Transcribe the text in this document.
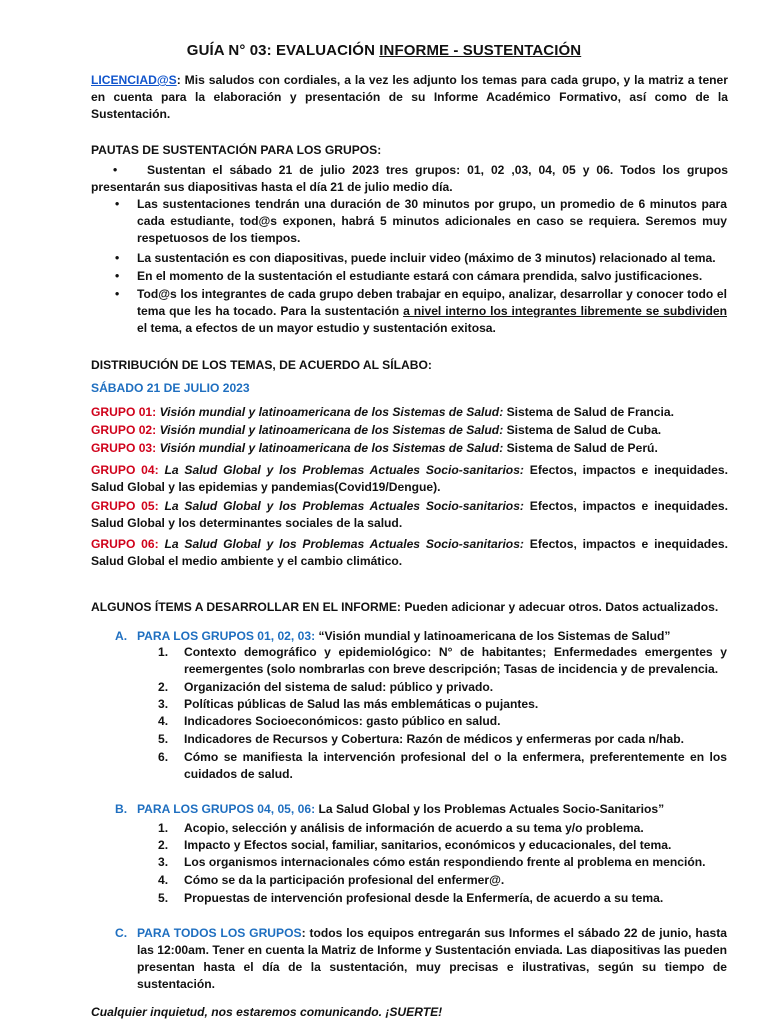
GUÍA N° 03: EVALUACIÓN INFORME - SUSTENTACIÓN
LICENCIAD@S: Mis saludos con cordiales, a la vez les adjunto los temas para cada grupo, y la matriz a tener en cuenta para la elaboración y presentación de su Informe Académico Formativo, así como de la Sustentación.
PAUTAS DE SUSTENTACIÓN PARA LOS GRUPOS:
• Sustentan el sábado 21 de julio 2023 tres grupos: 01, 02 ,03, 04, 05 y 06. Todos los grupos presentarán sus diapositivas hasta el día 21 de julio medio día.
•	Las sustentaciones tendrán una duración de 30 minutos por grupo, un promedio de 6 minutos para cada estudiante, tod@s exponen, habrá 5 minutos adicionales en caso se requiera. Seremos muy respetuosos de los tiempos.
•	La sustentación es con diapositivas, puede incluir video (máximo de 3 minutos) relacionado al tema.
•	En el momento de la sustentación el estudiante estará con cámara prendida, salvo justificaciones.
•	Tod@s los integrantes de cada grupo deben trabajar en equipo, analizar, desarrollar y conocer todo el tema que les ha tocado. Para la sustentación a nivel interno los integrantes libremente se subdividen el tema, a efectos de un mayor estudio y sustentación exitosa.
DISTRIBUCIÓN DE LOS TEMAS, DE ACUERDO AL SÍLABO:
SÁBADO 21 DE JULIO 2023
GRUPO 01: Visión mundial y latinoamericana de los Sistemas de Salud: Sistema de Salud de Francia.
GRUPO 02: Visión mundial y latinoamericana de los Sistemas de Salud: Sistema de Salud de Cuba.
GRUPO 03: Visión mundial y latinoamericana de los Sistemas de Salud: Sistema de Salud de Perú.
GRUPO 04: La Salud Global y los Problemas Actuales Socio-sanitarios: Efectos, impactos e inequidades. Salud Global y las epidemias y pandemias(Covid19/Dengue).
GRUPO 05: La Salud Global y los Problemas Actuales Socio-sanitarios: Efectos, impactos e inequidades. Salud Global y los determinantes sociales de la salud.
GRUPO 06: La Salud Global y los Problemas Actuales Socio-sanitarios: Efectos, impactos e inequidades. Salud Global el medio ambiente y el cambio climático.
ALGUNOS ÍTEMS A DESARROLLAR EN EL INFORME: Pueden adicionar y adecuar otros. Datos actualizados.
A. PARA LOS GRUPOS 01, 02, 03: “Visión mundial y latinoamericana de los Sistemas de Salud”
1.	Contexto demográfico y epidemiológico: N° de habitantes; Enfermedades emergentes y reemergentes (solo nombrarlas con breve descripción; Tasas de incidencia y de prevalencia.
2.	Organización del sistema de salud: público y privado.
3.	Políticas públicas de Salud las más emblemáticas o pujantes.
4.	Indicadores Socioeconómicos: gasto público en salud.
5.	Indicadores de Recursos y Cobertura: Razón de médicos y enfermeras por cada n/hab.
6.	Cómo se manifiesta la intervención profesional del o la enfermera, preferentemente en los cuidados de salud.
B. PARA LOS GRUPOS 04, 05, 06: La Salud Global y los Problemas Actuales Socio-Sanitarios”
1.	Acopio, selección y análisis de información de acuerdo a su tema y/o problema.
2.	Impacto y Efectos social, familiar, sanitarios, económicos y educacionales, del tema.
3.	Los organismos internacionales cómo están respondiendo frente al problema en mención.
4.	Cómo se da la participación profesional del enfermer@.
5.	Propuestas de intervención profesional desde la Enfermería, de acuerdo a su tema.
C. PARA TODOS LOS GRUPOS: todos los equipos entregarán sus Informes el sábado 22 de junio, hasta las 12:00am. Tener en cuenta la Matriz de Informe y Sustentación enviada. Las diapositivas las pueden presentan hasta el día de la sustentación, muy precisas e ilustrativas, según su tiempo de sustentación.
Cualquier inquietud, nos estaremos comunicando. ¡SUERTE!
